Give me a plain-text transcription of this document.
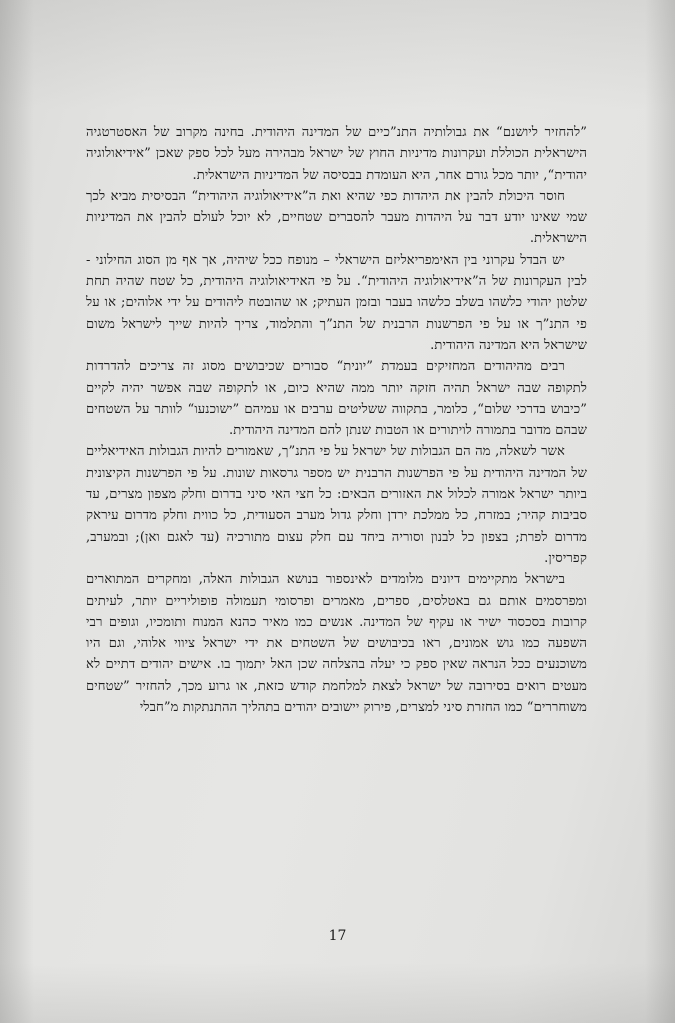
”להחזיר ליושנם“ את גבולותיה התנ”כיים של המדינה היהודית. בחינה מקרוב של האסטרטגיה הישראלית הכוללת ועקרונות מדיניות החוץ של ישראל מבהירה מעל לכל ספק שאכן ”אידיאולוגיה יהודית“, יותר מכל גורם אחר, היא העומדת בבסיסה של המדיניות הישראלית.

חוסר היכולת להבין את היהדות כפי שהיא ואת ה”אידיאולוגיה היהודית“ הבסיסית מביא לכך שמי שאינו יודע דבר על היהדות מעבר להסברים שטחיים, לא יוכל לעולם להבין את המדיניות הישראלית.

יש הבדל עקרוני בין האימפריאליזם הישראלי – מנופח ככל שיהיה, אך אף מן הסוג החילוני - לבין העקרונות של ה”אידיאולוגיה היהודית“. על פי האידיאולוגיה היהודית, כל שטח שהיה תחת שלטון יהודי כלשהו בשלב כלשהו בעבר ובזמן העתיק; או שהובטח ליהודים על ידי אלוהים; או על פי התנ”ך או על פי הפרשנות הרבנית של התנ”ך והתלמוד, צריך להיות שייך לישראל משום שישראל היא המדינה היהודית.

רבים מהיהודים המחזיקים בעמדת ”יונית“ סבורים שכיבושים מסוג זה צריכים להדרדות לתקופה שבה ישראל תהיה חזקה יותר ממה שהיא כיום, או לתקופה שבה אפשר יהיה לקיים ”כיבוש בדרכי שלום“, כלומר, בתקווה ששליטים ערבים או עמיהם ”ישוכנעו“ לוותר על השטחים שבהם מדובר בתמורה לויתורים או הטבות שנתן להם המדינה היהודית.

אשר לשאלה, מה הם הגבולות של ישראל על פי התנ”ך, שאמורים להיות הגבולות האידיאליים של המדינה היהודית על פי הפרשנות הרבנית יש מספר גרסאות שונות. על פי הפרשנות הקיצונית ביותר ישראל אמורה לכלול את האזורים הבאים: כל חצי האי סיני בדרום וחלק מצפון מצרים, עד סביבות קהיר; במזרח, כל ממלכת ירדן וחלק גדול מערב הסעודית, כל כווית וחלק מדרום עיראק מדרום לפרת; בצפון כל לבנון וסוריה ביחד עם חלק עצום מתורכיה (עד לאגם ואן); ובמערב, קפריסין.

בישראל מתקיימים דיונים מלומדים לאינספור בנושא הגבולות האלה, ומחקרים המתוארים ומפרסמים אותם גם באטלסים, ספרים, מאמרים ופרסומי תעמולה פופוליריים יותר, לעיתים קרובות בסכסוד ישיר או עקיף של המדינה. אנשים כמו מאיר כהנא המנוח ותומכיו, וגופים רבי השפעה כמו גוש אמונים, ראו בכיבושים של השטחים את ידי ישראל ציווי אלוהי, וגם היו משוכנעים ככל הנראה שאין ספק כי יעלה בהצלחה שכן האל יתמוך בו. אישים יהודים דתיים לא מעטים רואים בסירובה של ישראל לצאת למלחמת קודש כזאת, או גרוע מכך, להחזיר ”שטחים משוחררים“ כמו החזרת סיני למצרים, פירוק יישובים יהודים בתהליך ההתנתקות מ”חבלי

17
